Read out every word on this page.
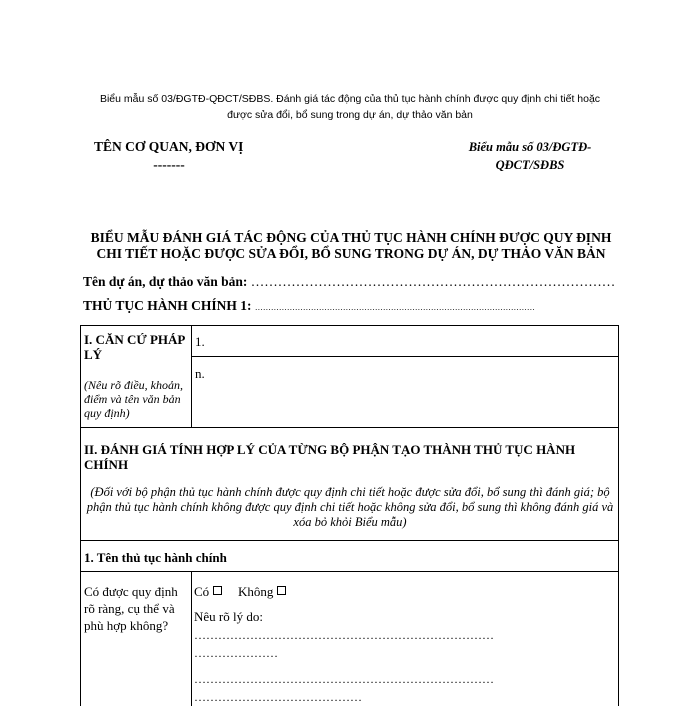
Biểu mẫu số 03/ĐGTĐ-QĐCT/SĐBS. Đánh giá tác động của thủ tục hành chính được quy định chi tiết hoặc được sửa đổi, bổ sung trong dự án, dự thảo văn bản
TÊN CƠ QUAN, ĐƠN VỊ
-------
Biểu mẫu số 03/ĐGTĐ-QĐCT/SĐBS
BIỂU MẪU ĐÁNH GIÁ TÁC ĐỘNG CỦA THỦ TỤC HÀNH CHÍNH ĐƯỢC QUY ĐỊNH CHI TIẾT HOẶC ĐƯỢC SỬA ĐỔI, BỔ SUNG TRONG DỰ ÁN, DỰ THẢO VĂN BẢN
Tên dự án, dự thảo văn bản: ………………………………………………………………………
THỦ TỤC HÀNH CHÍNH 1: ……………………………………………………………………………………………
I. CĂN CỨ PHÁP LÝ
(Nêu rõ điều, khoản, điểm và tên văn bản quy định)
1.
n.
II. ĐÁNH GIÁ TÍNH HỢP LÝ CỦA TỪNG BỘ PHẬN TẠO THÀNH THỦ TỤC HÀNH CHÍNH
(Đối với bộ phận thủ tục hành chính được quy định chi tiết hoặc được sửa đổi, bổ sung thì đánh giá; bộ phận thủ tục hành chính không được quy định chi tiết hoặc không sửa đổi, bổ sung thì không đánh giá và xóa bỏ khỏi Biểu mẫu)
1. Tên thủ tục hành chính
Có được quy định rõ ràng, cụ thể và phù hợp không?
Có	Không
Nêu rõ lý do:
…………………………………………………………………
…………………
…………………………………………………………………
……………………………………
